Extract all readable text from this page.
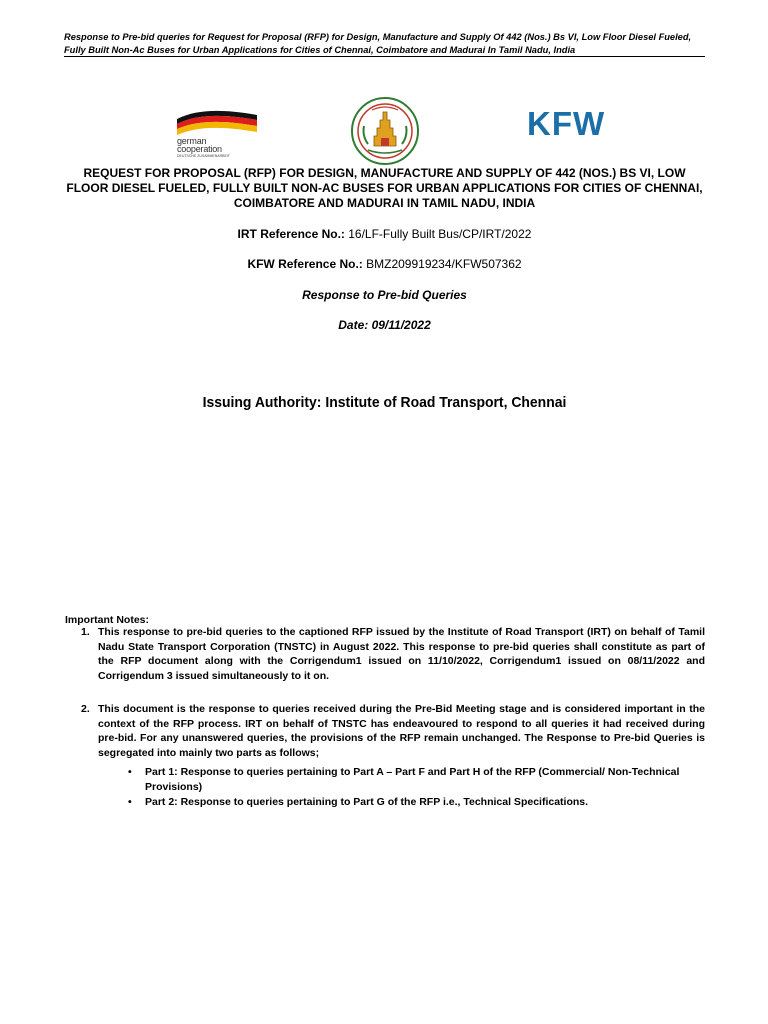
Response to Pre-bid queries for Request for Proposal (RFP) for Design, Manufacture and Supply Of 442 (Nos.) Bs VI, Low Floor Diesel Fueled, Fully Built Non-Ac Buses for Urban Applications for Cities of Chennai, Coimbatore and Madurai In Tamil Nadu, India
german
cooperation
DEUTSCHE ZUSAMMENARBEIT
KFW
REQUEST FOR PROPOSAL (RFP) FOR DESIGN, MANUFACTURE AND SUPPLY OF 442 (NOS.) BS VI, LOW FLOOR DIESEL FUELED, FULLY BUILT NON-AC BUSES FOR URBAN APPLICATIONS FOR CITIES OF CHENNAI, COIMBATORE AND MADURAI IN TAMIL NADU, INDIA
IRT Reference No.: 16/LF-Fully Built Bus/CP/IRT/2022
KFW Reference No.: BMZ209919234/KFW507362
Response to Pre-bid Queries
Date: 09/11/2022
Issuing Authority: Institute of Road Transport, Chennai
Important Notes:
1. This response to pre-bid queries to the captioned RFP issued by the Institute of Road Transport (IRT) on behalf of Tamil Nadu State Transport Corporation (TNSTC) in August 2022. This response to pre-bid queries shall constitute as part of the RFP document along with the Corrigendum1 issued on 11/10/2022, Corrigendum1 issued on 08/11/2022 and Corrigendum 3 issued simultaneously to it on.
2. This document is the response to queries received during the Pre-Bid Meeting stage and is considered important in the context of the RFP process. IRT on behalf of TNSTC has endeavoured to respond to all queries it had received during pre-bid. For any unanswered queries, the provisions of the RFP remain unchanged. The Response to Pre-bid Queries is segregated into mainly two parts as follows;
• Part 1: Response to queries pertaining to Part A – Part F and Part H of the RFP (Commercial/ Non-Technical Provisions)
• Part 2: Response to queries pertaining to Part G of the RFP i.e., Technical Specifications.
